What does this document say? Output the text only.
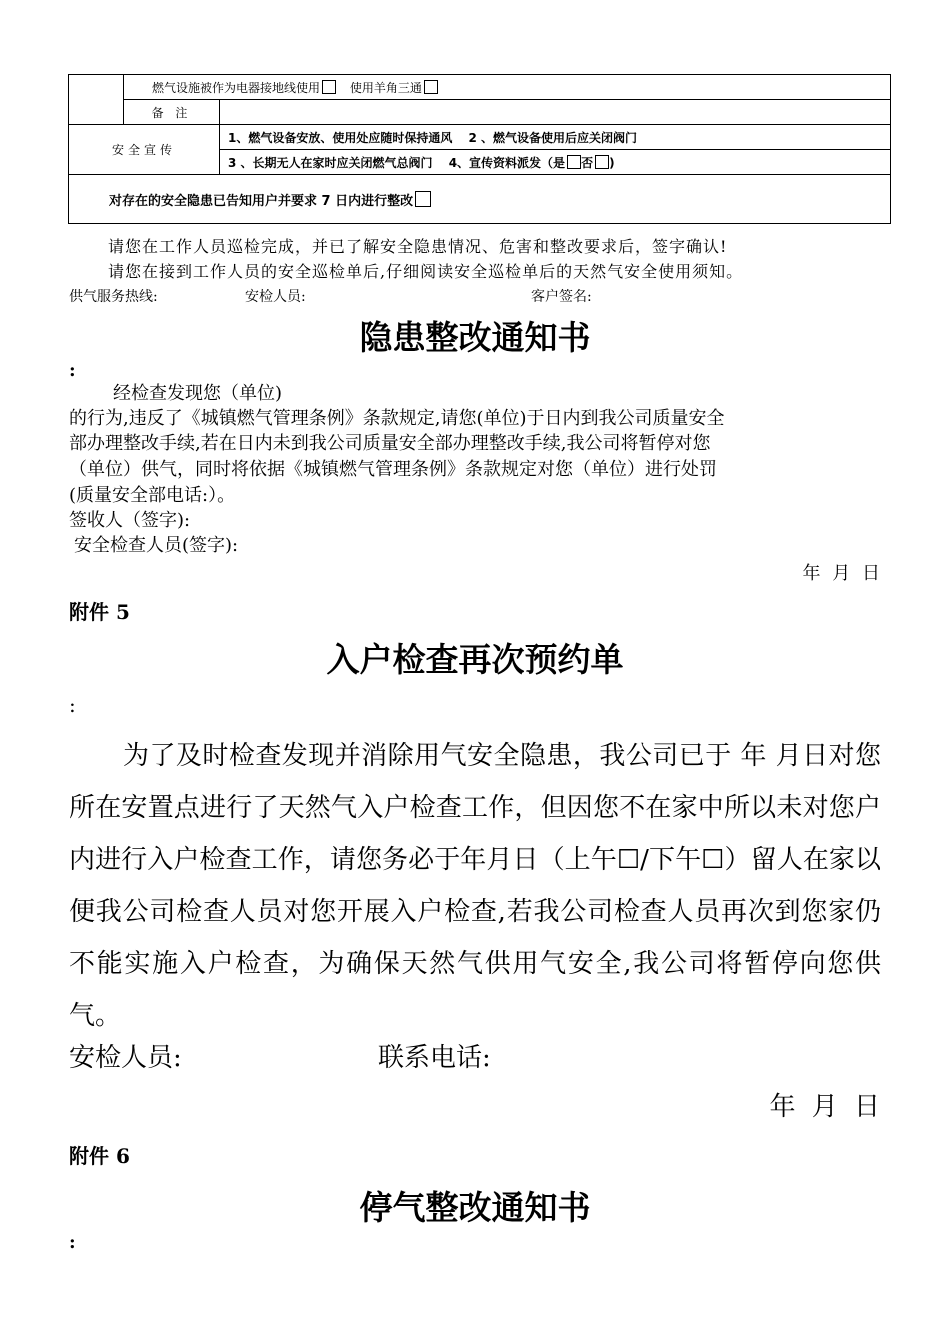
	燃气设施被作为电器接地线使用 使用羊角三通	
	备 注	
安全宣传		1、燃气设备安放、使用处应随时保持通风　 2 、燃气设备使用后应关闭阀门
		3 、长期无人在家时应关闭燃气总阀门　 4、宣传资料派发（是 否 )
对存在的安全隐患已告知用户并要求 7 日内进行整改		
请您在工作人员巡检完成，并已了解安全隐患情况、危害和整改要求后，签字确认!
请您在接到工作人员的安全巡检单后,仔细阅读安全巡检单后的天然气安全使用须知。
供气服务热线:	安检人员:	客户签名:
隐患整改通知书
:
经检查发现您（单位)
的行为,违反了《城镇燃气管理条例》条款规定,请您(单位)于日内到我公司质量安全
部办理整改手续,若在日内未到我公司质量安全部办理整改手续,我公司将暂停对您
（单位）供气，同时将依据《城镇燃气管理条例》条款规定对您（单位）进行处罚
(质量安全部电话:）。
签收人（签字):
安全检查人员(签字):
年 月 日
附件 5
入户检查再次预约单
:
为了及时检查发现并消除用气安全隐患，我公司已于 年 月日对您所在安置点进行了天然气入户检查工作，但因您不在家中所以未对您户内进行入户检查工作，请您务必于年月日（上午☐/下午☐）留人在家以便我公司检查人员对您开展入户检查,若我公司检查人员再次到您家仍不能实施入户检查，为确保天然气供用气安全,我公司将暂停向您供气。
安检人员:	联系电话:
年 月 日
附件 6
停气整改通知书
:
